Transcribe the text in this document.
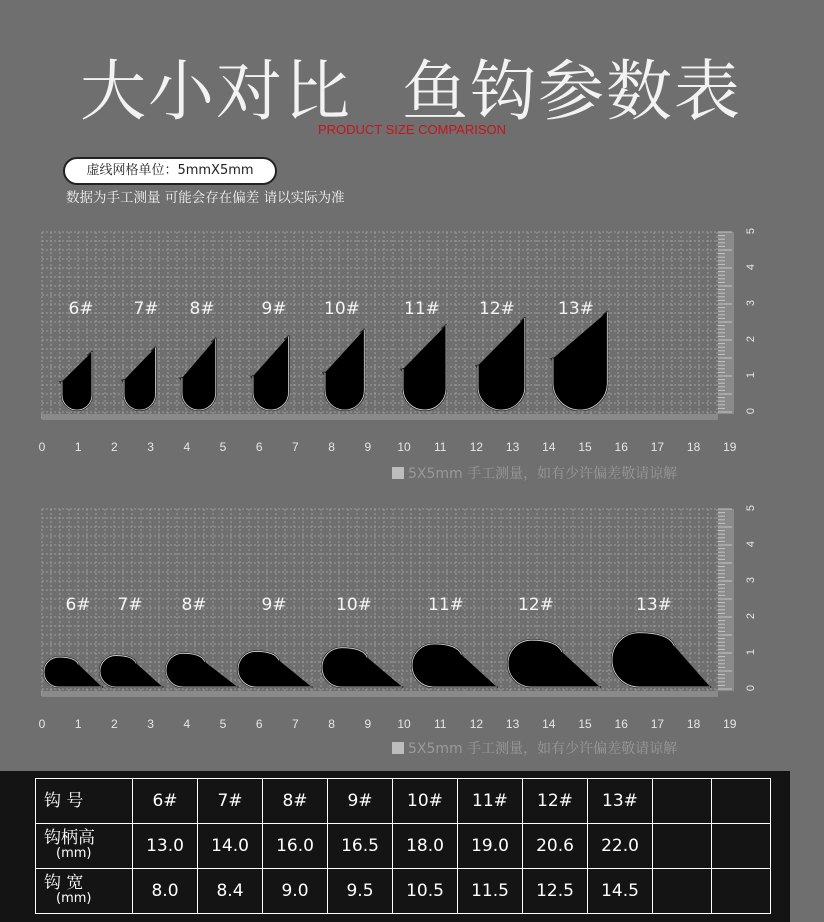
大小对比 鱼钩参数表
PRODUCT SIZE COMPARISON
虚线网格单位：5mmX5mm
数据为手工测量 可能会存在偏差 请以实际为准
0 1 2 3 4 5 6 7 8 9 10 11 12 13 14 15 16 17 18 19
0
1
2
3
4
5
6# 7# 8#	9# 10#	11# 12#	13#
5X5mm 手工测量，如有少许偏差敬请谅解
0 1 2 3 4 5 6 7 8 9 10 11 12 13 14 15 16 17 18 19
0
1
2
3
4
5
6# 7# 8#	9#	10#	11#	12#	13#
5X5mm 手工测量，如有少许偏差敬请谅解
钩 号	6#	7#	8#	9#	10#	11#	12#	13#		
钩柄高
(mm)	13.0	14.0	16.0	16.5	18.0	19.0	20.6	22.0		
钩 宽
(mm)	8.0	8.4	9.0	9.5	10.5	11.5	12.5	14.5		
